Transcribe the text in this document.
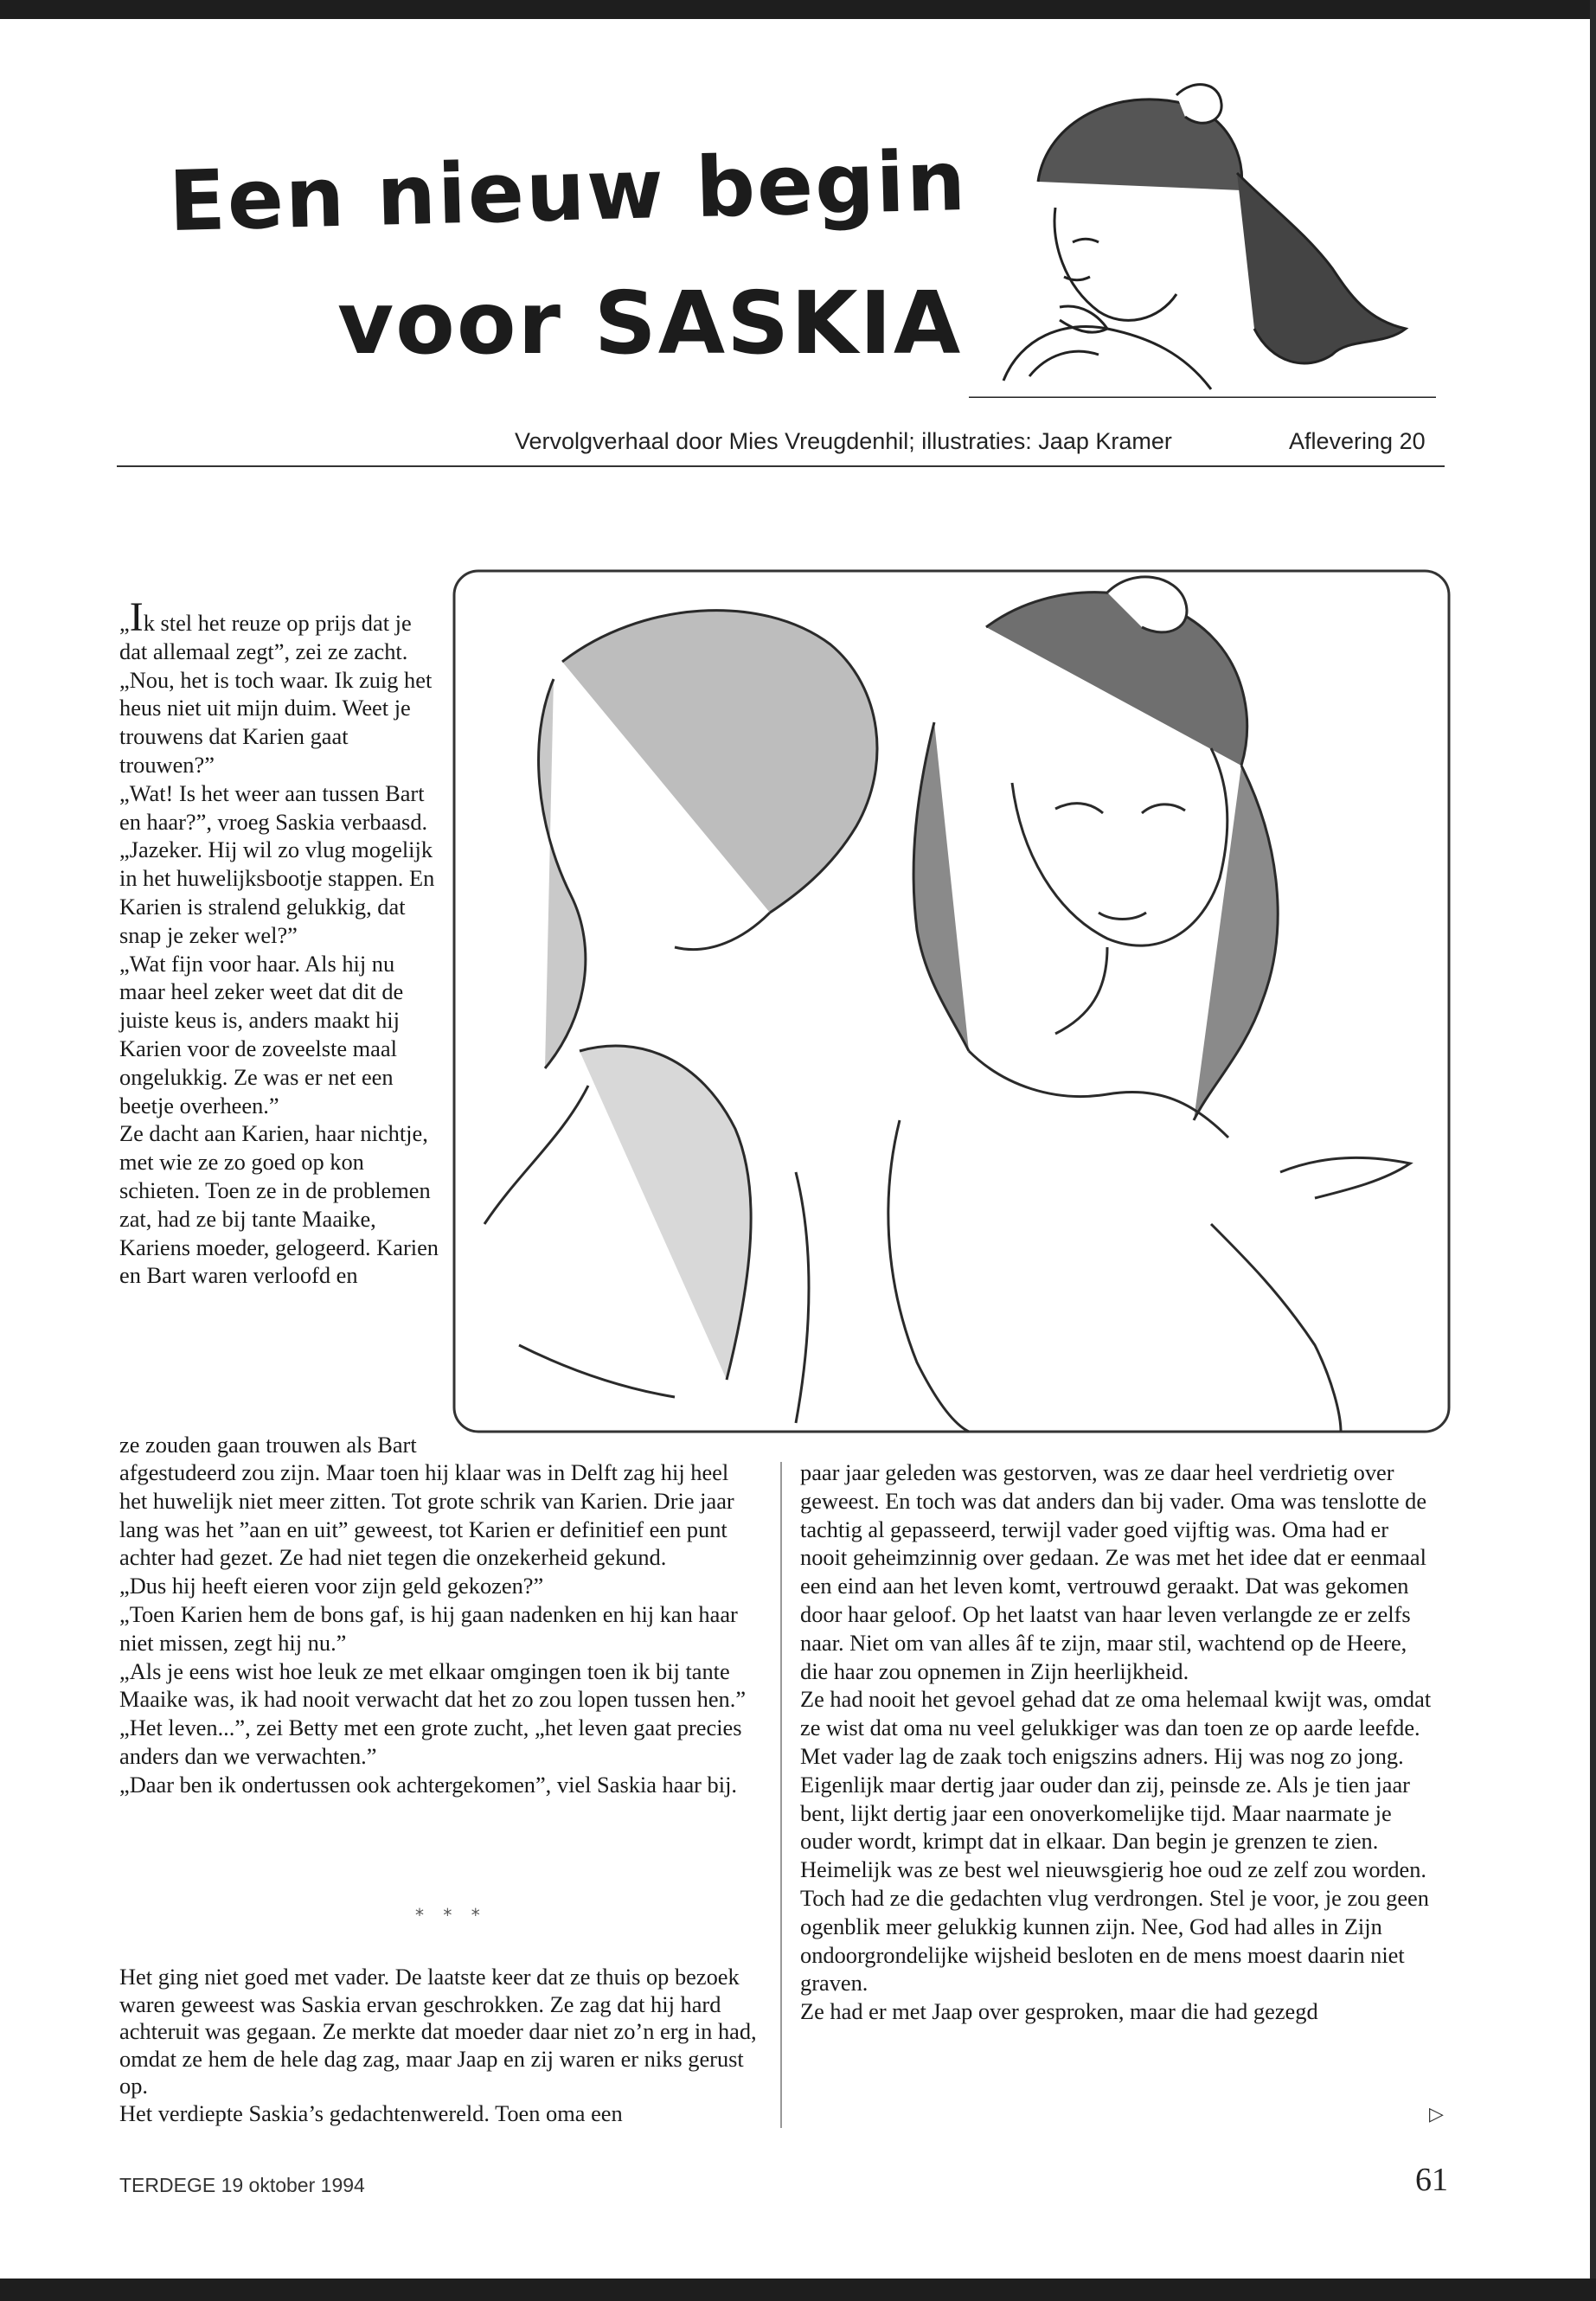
Een nieuw begin
voor SASKIA
Vervolgverhaal door Mies Vreugdenhil; illustraties: Jaap Kramer	Aflevering 20

„Ik stel het reuze op prijs dat je dat allemaal zegt”, zei ze zacht.

„Nou, het is toch waar. Ik zuig het heus niet uit mijn duim. Weet je trouwens dat Karien gaat trouwen?”

„Wat! Is het weer aan tussen Bart en haar?”, vroeg Saskia verbaasd.

„Jazeker. Hij wil zo vlug mogelijk in het huwelijksbootje stappen. En Karien is stralend gelukkig, dat snap je zeker wel?”

„Wat fijn voor haar. Als hij nu maar heel zeker weet dat dit de juiste keus is, anders maakt hij Karien voor de zoveelste maal ongelukkig. Ze was er net een beetje overheen.”

Ze dacht aan Karien, haar nichtje, met wie ze zo goed op kon schieten. Toen ze in de problemen zat, had ze bij tante Maaike, Kariens moeder, gelogeerd. Karien en Bart waren verloofd en

ze zouden gaan trouwen als Bart

afgestudeerd zou zijn. Maar toen hij klaar was in Delft zag hij heel het huwelijk niet meer zitten. Tot grote schrik van Karien. Drie jaar lang was het ”aan en uit” geweest, tot Karien er definitief een punt achter had gezet. Ze had niet tegen die onzekerheid gekund.

„Dus hij heeft eieren voor zijn geld gekozen?”

„Toen Karien hem de bons gaf, is hij gaan nadenken en hij kan haar niet missen, zegt hij nu.”

„Als je eens wist hoe leuk ze met elkaar omgingen toen ik bij tante Maaike was, ik had nooit verwacht dat het zo zou lopen tussen hen.”

„Het leven...”, zei Betty met een grote zucht, „het leven gaat precies anders dan we verwachten.”

„Daar ben ik ondertussen ook achtergekomen”, viel Saskia haar bij.

* * *

Het ging niet goed met vader. De laatste keer dat ze thuis op bezoek waren geweest was Saskia ervan geschrokken. Ze zag dat hij hard achteruit was gegaan. Ze merkte dat moeder daar niet zo’n erg in had, omdat ze hem de hele dag zag, maar Jaap en zij waren er niks gerust op.

Het verdiepte Saskia’s gedachtenwereld. Toen oma een

paar jaar geleden was gestorven, was ze daar heel verdrietig over geweest. En toch was dat anders dan bij vader. Oma was tenslotte de tachtig al gepasseerd, terwijl vader goed vijftig was. Oma had er nooit geheimzinnig over gedaan. Ze was met het idee dat er eenmaal een eind aan het leven komt, vertrouwd geraakt. Dat was gekomen door haar geloof. Op het laatst van haar leven verlangde ze er zelfs naar. Niet om van alles âf te zijn, maar stil, wachtend op de Heere, die haar zou opnemen in Zijn heerlijkheid.

Ze had nooit het gevoel gehad dat ze oma helemaal kwijt was, omdat ze wist dat oma nu veel gelukkiger was dan toen ze op aarde leefde.

Met vader lag de zaak toch enigszins adners. Hij was nog zo jong. Eigenlijk maar dertig jaar ouder dan zij, peinsde ze. Als je tien jaar bent, lijkt dertig jaar een onoverkomelijke tijd. Maar naarmate je ouder wordt, krimpt dat in elkaar. Dan begin je grenzen te zien.

Heimelijk was ze best wel nieuwsgierig hoe oud ze zelf zou worden. Toch had ze die gedachten vlug verdrongen. Stel je voor, je zou geen ogenblik meer gelukkig kunnen zijn. Nee, God had alles in Zijn ondoorgrondelijke wijsheid besloten en de mens moest daarin niet graven.

Ze had er met Jaap over gesproken, maar die had gezegd

▷
TERDEGE 19 oktober 1994	61
